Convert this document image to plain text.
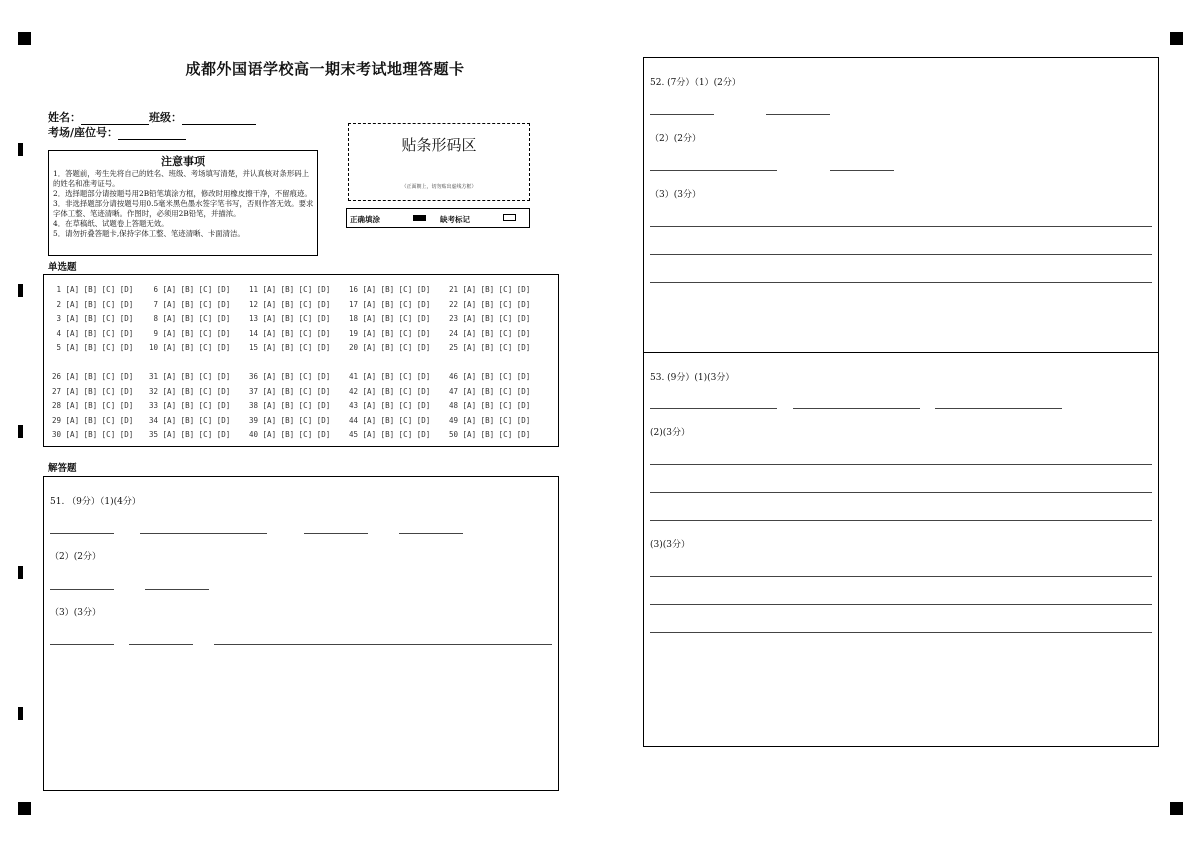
成都外国语学校高一期末考试地理答题卡
姓名：	班级：
考场/座位号：
注意事项
1．答题前，考生先将自己的姓名、班级、考场填写清楚，并认真核对条形码上的姓名和准考证号。
2．选择题部分请按题号用2B铅笔填涂方框，修改时用橡皮擦干净，不留痕迹。
3．非选择题部分请按题号用0.5毫米黑色墨水签字笔书写，否则作答无效。要求字体工整、笔迹清晰。作图时，必须用2B铅笔，并描浓。
4．在草稿纸、试题卷上答题无效。
5．请勿折叠答题卡,保持字体工整、笔迹清晰、卡面清洁。
贴条形码区
（正面朝上，切勿贴出虚线方框）
正确填涂	缺考标记
单选题
1 [A] [B] [C] [D]
2 [A] [B] [C] [D]
3 [A] [B] [C] [D]
4 [A] [B] [C] [D]
5 [A] [B] [C] [D]
6 [A] [B] [C] [D]
7 [A] [B] [C] [D]
8 [A] [B] [C] [D]
9 [A] [B] [C] [D]
10 [A] [B] [C] [D]
11 [A] [B] [C] [D]
12 [A] [B] [C] [D]
13 [A] [B] [C] [D]
14 [A] [B] [C] [D]
15 [A] [B] [C] [D]
16 [A] [B] [C] [D]
17 [A] [B] [C] [D]
18 [A] [B] [C] [D]
19 [A] [B] [C] [D]
20 [A] [B] [C] [D]
21 [A] [B] [C] [D]
22 [A] [B] [C] [D]
23 [A] [B] [C] [D]
24 [A] [B] [C] [D]
25 [A] [B] [C] [D]
26 [A] [B] [C] [D]
27 [A] [B] [C] [D]
28 [A] [B] [C] [D]
29 [A] [B] [C] [D]
30 [A] [B] [C] [D]
31 [A] [B] [C] [D]
32 [A] [B] [C] [D]
33 [A] [B] [C] [D]
34 [A] [B] [C] [D]
35 [A] [B] [C] [D]
36 [A] [B] [C] [D]
37 [A] [B] [C] [D]
38 [A] [B] [C] [D]
39 [A] [B] [C] [D]
40 [A] [B] [C] [D]
41 [A] [B] [C] [D]
42 [A] [B] [C] [D]
43 [A] [B] [C] [D]
44 [A] [B] [C] [D]
45 [A] [B] [C] [D]
46 [A] [B] [C] [D]
47 [A] [B] [C] [D]
48 [A] [B] [C] [D]
49 [A] [B] [C] [D]
50 [A] [B] [C] [D]
解答题
51. （9分）（1)(4分）
（2）(2分）
（3）(3分）
52. (7分）（1）(2分）
（2）(2分）
（3）(3分）
53. (9分）(1)(3分）
(2)(3分）
(3)(3分）
